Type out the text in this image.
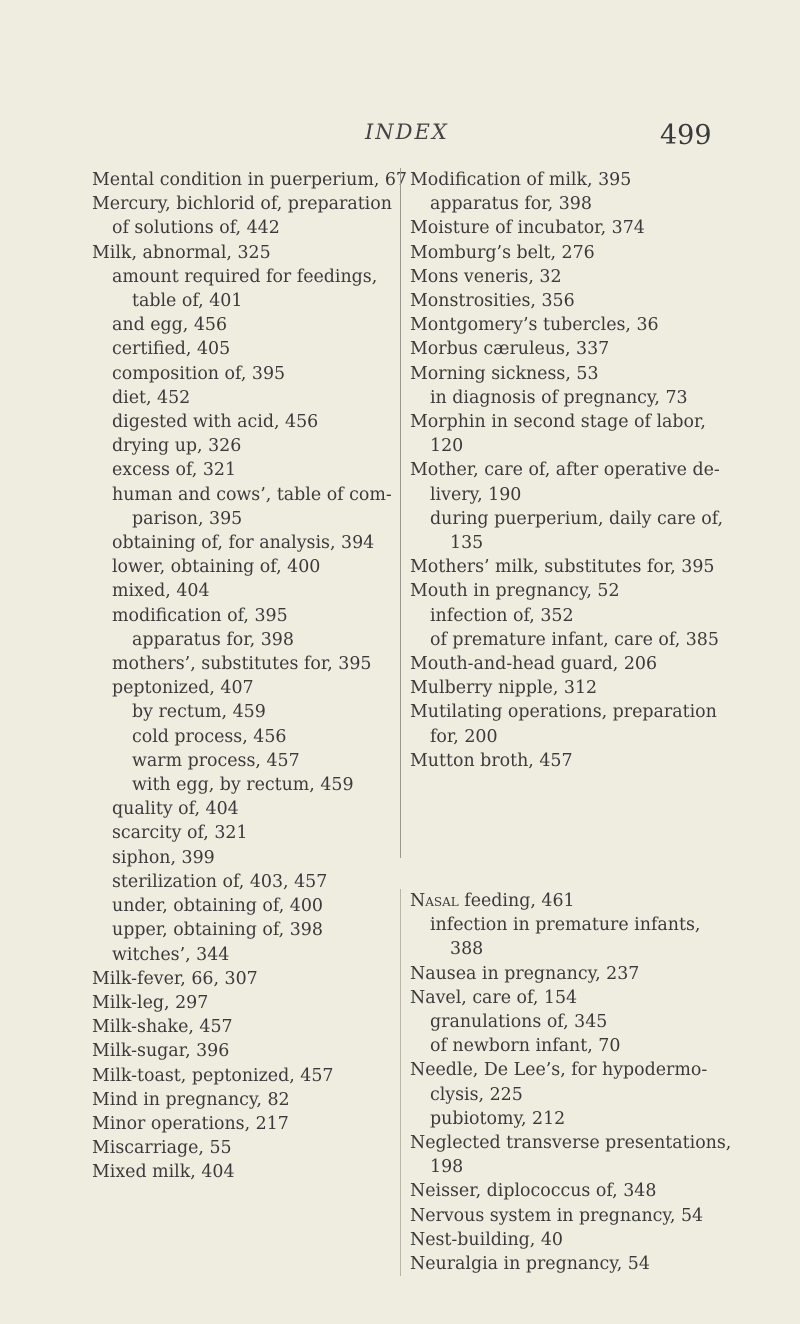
INDEX	499

Mental condition in puerperium, 67

Mercury, bichlorid of, preparation

of solutions of, 442

Milk, abnormal, 325

amount required for feedings,

table of, 401

and egg, 456

certified, 405

composition of, 395

diet, 452

digested with acid, 456

drying up, 326

excess of, 321

human and cows’, table of com-

parison, 395

obtaining of, for analysis, 394

lower, obtaining of, 400

mixed, 404

modification of, 395

apparatus for, 398

mothers’, substitutes for, 395

peptonized, 407

by rectum, 459

cold process, 456

warm process, 457

with egg, by rectum, 459

quality of, 404

scarcity of, 321

siphon, 399

sterilization of, 403, 457

under, obtaining of, 400

upper, obtaining of, 398

witches’, 344

Milk-fever, 66, 307

Milk-leg, 297

Milk-shake, 457

Milk-sugar, 396

Milk-toast, peptonized, 457

Mind in pregnancy, 82

Minor operations, 217

Miscarriage, 55

Mixed milk, 404

Modification of milk, 395

apparatus for, 398

Moisture of incubator, 374

Momburg’s belt, 276

Mons veneris, 32

Monstrosities, 356

Montgomery’s tubercles, 36

Morbus cæruleus, 337

Morning sickness, 53

in diagnosis of pregnancy, 73

Morphin in second stage of labor,

120

Mother, care of, after operative de-

livery, 190

during puerperium, daily care of,

135

Mothers’ milk, substitutes for, 395

Mouth in pregnancy, 52

infection of, 352

of premature infant, care of, 385

Mouth-and-head guard, 206

Mulberry nipple, 312

Mutilating operations, preparation

for, 200

Mutton broth, 457

Nasal feeding, 461

infection in premature infants,

388

Nausea in pregnancy, 237

Navel, care of, 154

granulations of, 345

of newborn infant, 70

Needle, De Lee’s, for hypodermo-

clysis, 225

pubiotomy, 212

Neglected transverse presentations,

198

Neisser, diplococcus of, 348

Nervous system in pregnancy, 54

Nest-building, 40

Neuralgia in pregnancy, 54
